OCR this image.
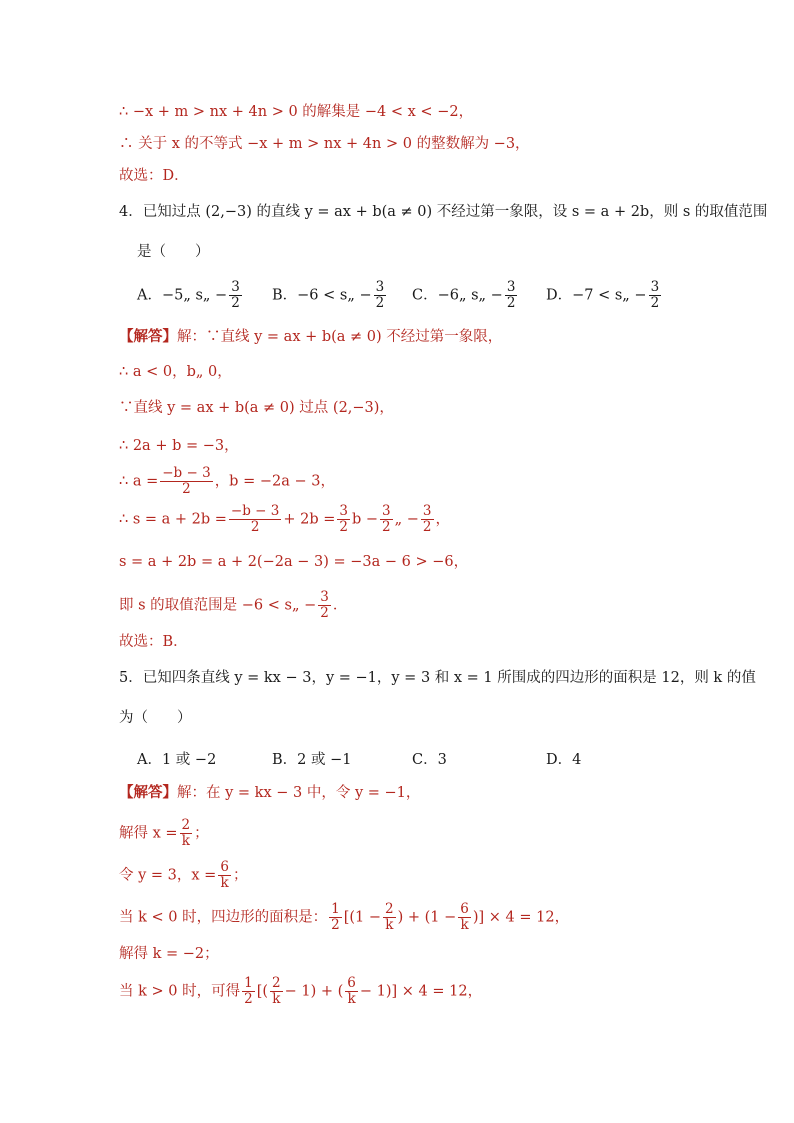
∴ −x + m > nx + 4n > 0 的解集是 −4 < x < −2，
∴ 关于 x 的不等式 −x + m > nx + 4n > 0 的整数解为 −3，
故选：D．
4．已知过点 (2,−3) 的直线 y = ax + b(a ≠ 0) 不经过第一象限，设 s = a + 2b，则 s 的取值范围
是（　　）
A．−5„ s„ − $\frac{3}{2}$ B．−6 < s„ − $\frac{3}{2}$ C．−6„ s„ − $\frac{3}{2}$ D．−7 < s„ − $\frac{3}{2}$
【解答】解：∵直线 y = ax + b(a ≠ 0) 不经过第一象限，
∴ a < 0，b„ 0，
∵直线 y = ax + b(a ≠ 0) 过点 (2,−3)，
∴ 2a + b = −3，
∴ $a = \frac{-b - 3}{2}$ ，b = −2a − 3，
∴ $s = a + 2b = \frac{-b - 3}{2} + 2b = \frac{3}{2}$ $b - \frac{3}{2}$ „ − $\frac{3}{2}$ ，
s = a + 2b = a + 2(−2a − 3) = −3a − 6 > −6，
即 s 的取值范围是 −6 < s„ − $\frac{3}{2}$ ．
故选：B．
5．已知四条直线 y = kx − 3，y = −1，y = 3 和 x = 1 所围成的四边形的面积是 12，则 k 的值
为（　　）
A．1 或 −2	B．2 或 −1	C．3	D．4
【解答】解：在 y = kx − 3 中，令 y = −1，
解得 $x = \frac{2}{k}$ ；
令 y = 3，$x = \frac{6}{k}$ ；
当 k < 0 时，四边形的面积是： $\frac{1}{2} [(1 - \frac{2}{k}$ ) + ($1 - \frac{6}{k}$ )] × 4 = 12，
解得 k = −2；
当 k > 0 时，可得 $\frac{1}{2}$ [( $\frac{2}{k} - 1$) + ( $\frac{6}{k} - 1)] \times 4 = 12$，
